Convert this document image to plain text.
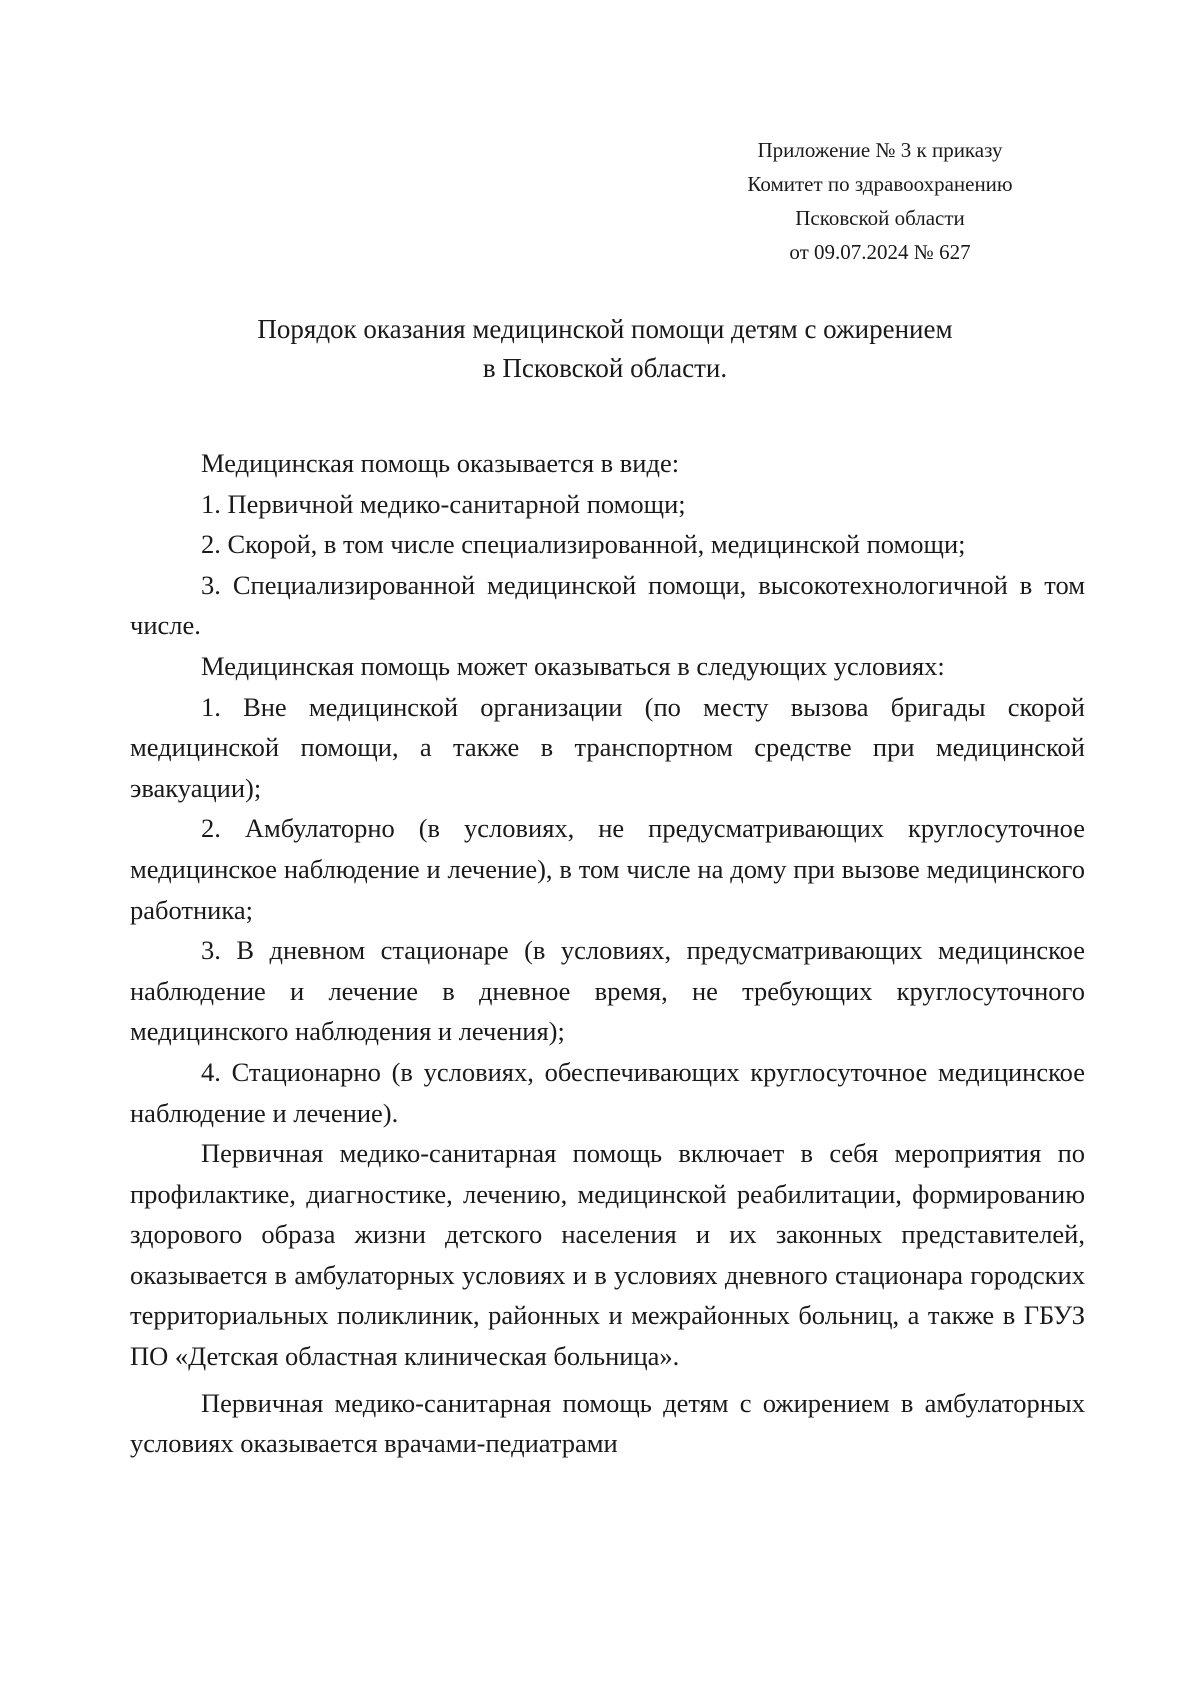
Приложение № 3 к приказу
Комитет по здравоохранению
Псковской области
от 09.07.2024 № 627
Порядок оказания медицинской помощи детям с ожирением
в Псковской области.

Медицинская помощь оказывается в виде:

1. Первичной медико-санитарной помощи;

2. Скорой, в том числе специализированной, медицинской помощи;

3. Специализированной медицинской помощи, высокотехнологичной в том числе.

Медицинская помощь может оказываться в следующих условиях:

1. Вне медицинской организации (по месту вызова бригады скорой медицинской помощи, а также в транспортном средстве при медицинской эвакуации);

2. Амбулаторно (в условиях, не предусматривающих круглосуточное медицинское наблюдение и лечение), в том числе на дому при вызове медицинского работника;

3. В дневном стационаре (в условиях, предусматривающих медицинское наблюдение и лечение в дневное время, не требующих круглосуточного медицинского наблюдения и лечения);

4. Стационарно (в условиях, обеспечивающих круглосуточное медицинское наблюдение и лечение).

Первичная медико-санитарная помощь включает в себя мероприятия по профилактике, диагностике, лечению, медицинской реабилитации, формированию здорового образа жизни детского населения и их законных представителей, оказывается в амбулаторных условиях и в условиях дневного стационара городских территориальных поликлиник, районных и межрайонных больниц, а также в ГБУЗ ПО «Детская областная клиническая больница».

Первичная медико-санитарная помощь детям с ожирением в амбулаторных условиях оказывается врачами-педиатрами
